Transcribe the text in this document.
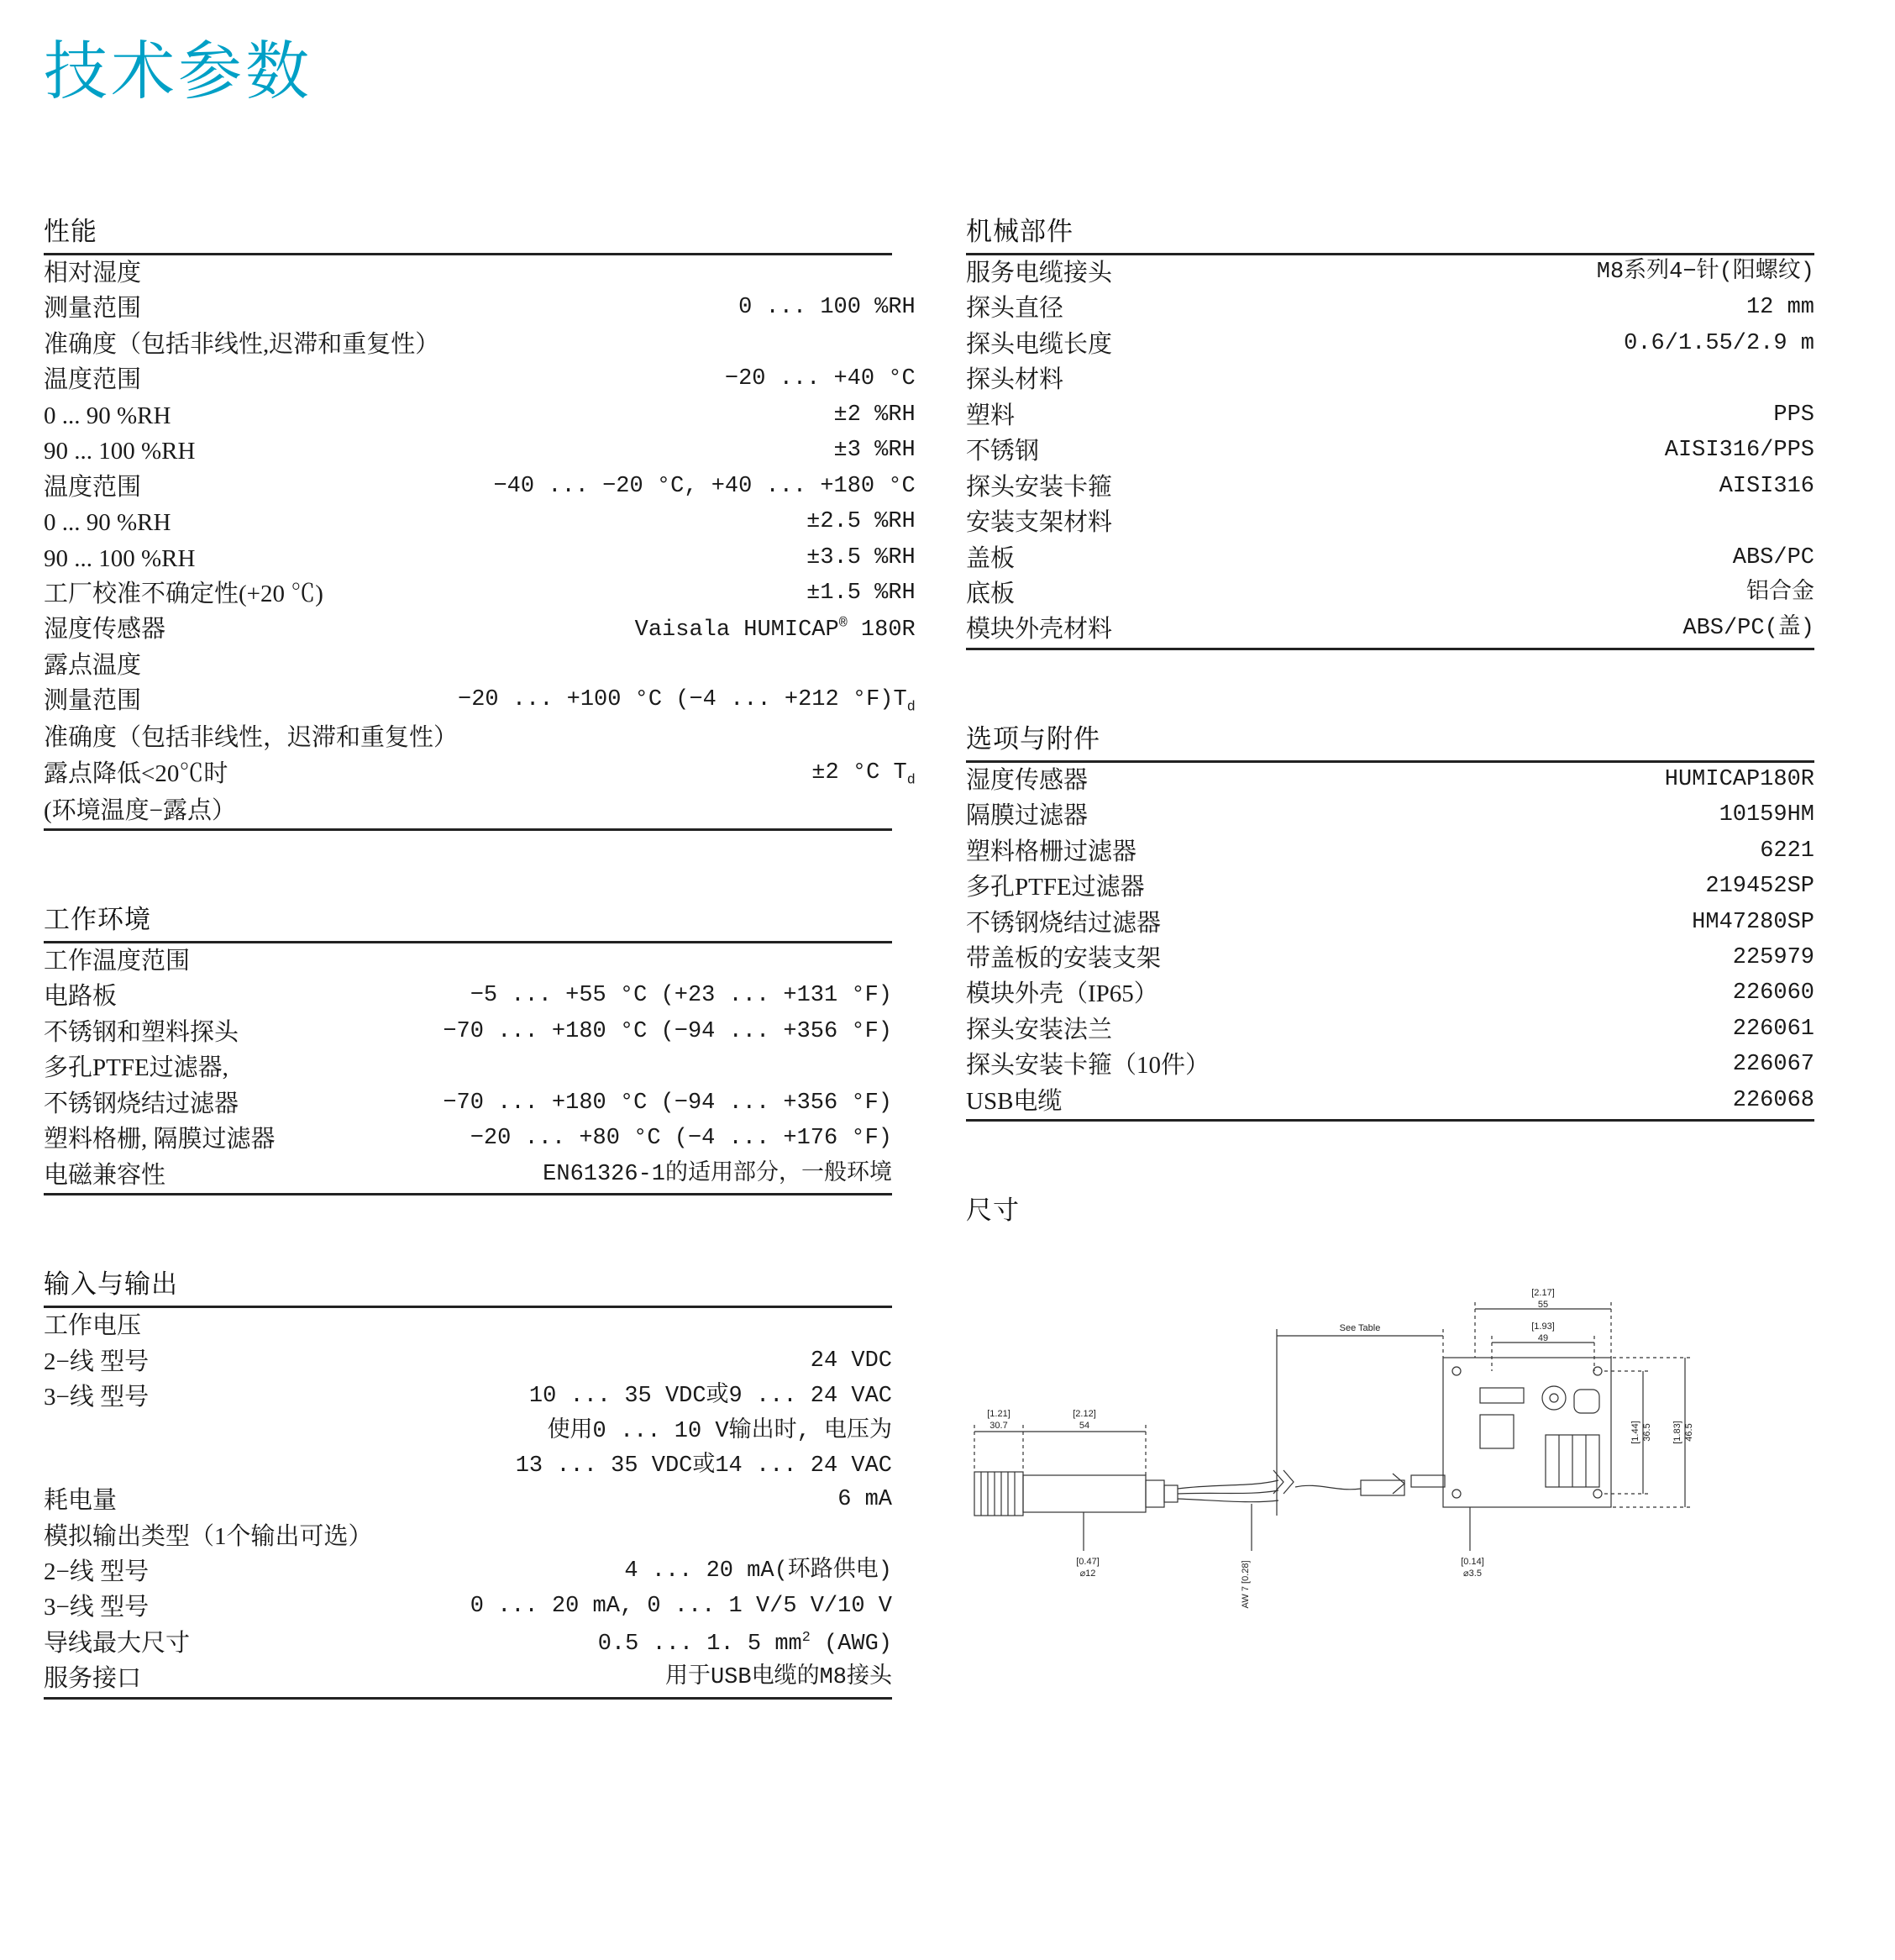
技术参数
性能
相对湿度	
测量范围	0 ... 100 %RH
准确度（包括非线性,迟滞和重复性）	
温度范围	−20 ... +40 °C
0 ... 90 %RH	±2 %RH
90 ... 100 %RH	±3 %RH
温度范围	−40 ... −20 °C, +40 ... +180 °C
0 ... 90 %RH	±2.5 %RH
90 ... 100 %RH	±3.5 %RH
工厂校准不确定性(+20 ℃)	±1.5 %RH
湿度传感器	Vaisala HUMICAP® 180R
露点温度	
测量范围	−20 ... +100 °C (−4 ... +212 $^\circ F)T_d$
准确度（包括非线性，迟滞和重复性）	
露点降低<20℃时	±2 °C $T_d$
(环境温度−露点）	
工作环境
工作温度范围	
电路板	−5 ... +55 °C (+23 ... +131 °F)
不锈钢和塑料探头	−70 ... +180 °C (−94 ... +356 °F)
多孔PTFE过滤器,	
不锈钢烧结过滤器	−70 ... +180 °C (−94 ... +356 °F)
塑料格栅, 隔膜过滤器	−20 ... +80 °C (−4 ... +176 °F)
电磁兼容性	EN61326-1的适用部分，一般环境
输入与输出
工作电压	
2−线 型号	24 VDC
3−线 型号	10 ... 35 VDC或9 ... 24 VAC
	使用0 ... 10 V输出时, 电压为
	13 ... 35 VDC或14 ... 24 VAC
耗电量	6 mA
模拟输出类型（1个输出可选）	
2−线 型号	4 ... 20 mA(环路供电)
3−线 型号	0 ... 20 mA, 0 ... 1 V/5 V/10 V
导线最大尺寸	0.5 ... 1. 5 $mm^2$ (AWG)
服务接口	用于USB电缆的M8接头
机械部件
服务电缆接头	M8系列4−针(阳螺纹)
探头直径	12 mm
探头电缆长度	0.6/1.55/2.9 m
探头材料	
塑料	PPS
不锈钢	AISI316/PPS
探头安装卡箍	AISI316
安装支架材料	
盖板	ABS/PC
底板	铝合金
模块外壳材料	ABS/PC(盖)
选项与附件
湿度传感器	HUMICAP180R
隔膜过滤器	10159HM
塑料格栅过滤器	6221
多孔PTFE过滤器	219452SP
不锈钢烧结过滤器	HM47280SP
带盖板的安装支架	225979
模块外壳（IP65）	226060
探头安装法兰	226061
探头安装卡箍（10件）	226067
USB电缆	226068
尺寸
See Table
[2.17]
55
[1.93]
49
[1.21]
30.7
[2.12]
54
[0.47]
⌀12
[0.14]
⌀3.5
[1.44] 36.5 [1.83] 46.5
AW 7 [0.28]
